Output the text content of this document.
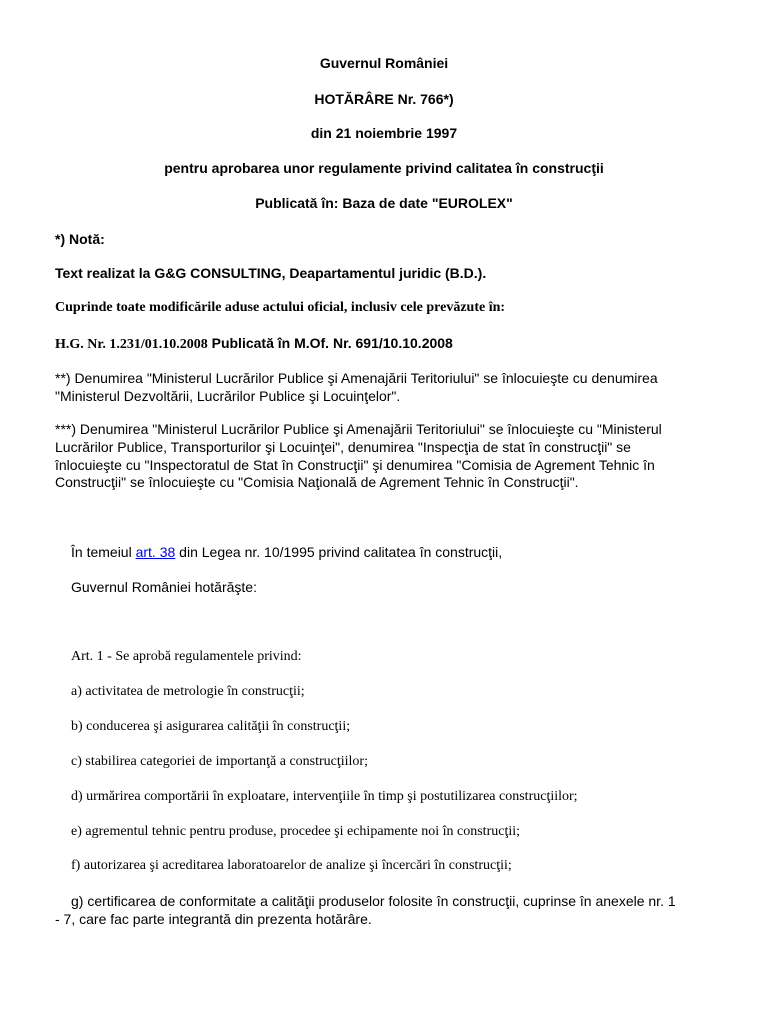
Guvernul României
HOTĂRÂRE Nr. 766*)
din 21 noiembrie 1997
pentru aprobarea unor regulamente privind calitatea în construcţii
Publicată în: Baza de date "EUROLEX"
*) Notă:
Text realizat la G&G CONSULTING, Deapartamentul juridic (B.D.).
Cuprinde toate modificările aduse actului oficial, inclusiv cele prevăzute în:
H.G. Nr. 1.231/01.10.2008 Publicată în M.Of. Nr. 691/10.10.2008
**) Denumirea "Ministerul Lucrărilor Publice şi Amenajării Teritoriului" se înlocuieşte cu denumirea
"Ministerul Dezvoltării, Lucrărilor Publice şi Locuinţelor".
***) Denumirea "Ministerul Lucrărilor Publice şi Amenajării Teritoriului" se înlocuieşte cu "Ministerul
Lucrărilor Publice, Transporturilor şi Locuinţei", denumirea "Inspecţia de stat în construcţii" se
înlocuieşte cu "Inspectoratul de Stat în Construcţii" şi denumirea "Comisia de Agrement Tehnic în
Construcţii" se înlocuieşte cu "Comisia Naţională de Agrement Tehnic în Construcţii".
În temeiul art. 38 din Legea nr. 10/1995 privind calitatea în construcţii,
Guvernul României hotărăşte:
Art. 1 - Se aprobă regulamentele privind:
a) activitatea de metrologie în construcţii;
b) conducerea şi asigurarea calităţii în construcţii;
c) stabilirea categoriei de importanţă a construcţiilor;
d) urmărirea comportării în exploatare, intervenţiile în timp şi postutilizarea construcţiilor;
e) agrementul tehnic pentru produse, procedee şi echipamente noi în construcţii;
f) autorizarea şi acreditarea laboratoarelor de analize şi încercări în construcţii;
g) certificarea de conformitate a calităţii produselor folosite în construcţii, cuprinse în anexele nr. 1
- 7, care fac parte integrantă din prezenta hotărâre.
